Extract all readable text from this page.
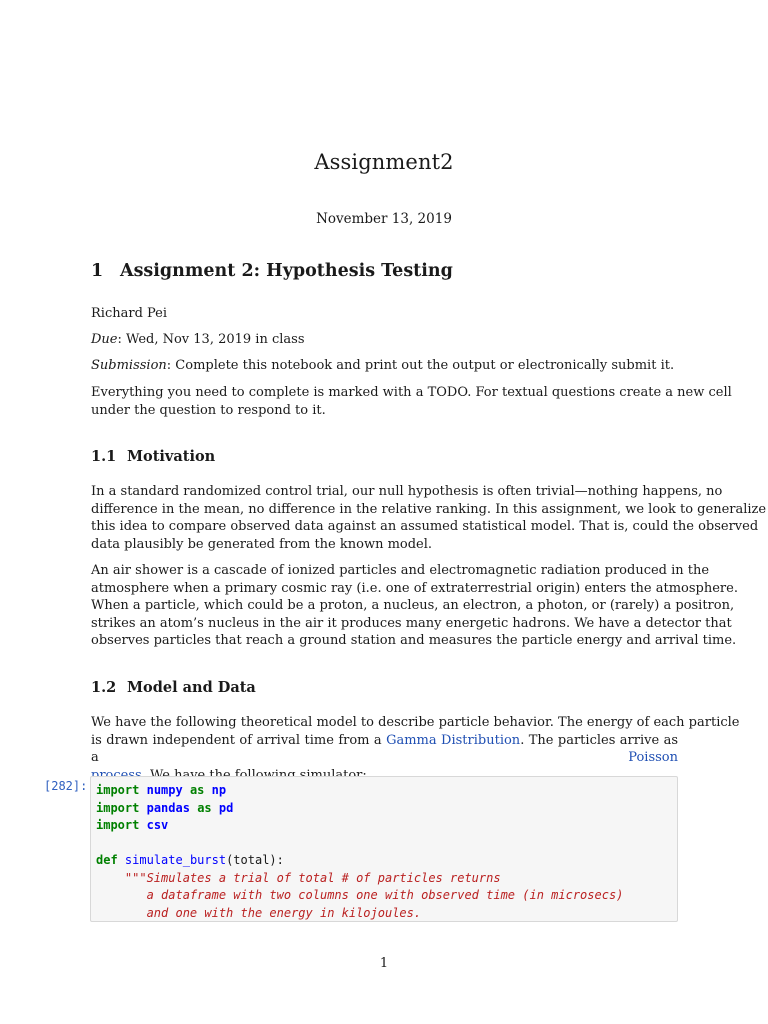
Assignment2
November 13, 2019
1 Assignment 2: Hypothesis Testing
Richard Pei
Due: Wed, Nov 13, 2019 in class
Submission: Complete this notebook and print out the output or electronically submit it.
Everything you need to complete is marked with a TODO. For textual questions create a new cell
under the question to respond to it.
1.1 Motivation
In a standard randomized control trial, our null hypothesis is often trivial—nothing happens, no
difference in the mean, no difference in the relative ranking. In this assignment, we look to generalize
this idea to compare observed data against an assumed statistical model. That is, could the observed
data plausibly be generated from the known model.
An air shower is a cascade of ionized particles and electromagnetic radiation produced in the
atmosphere when a primary cosmic ray (i.e. one of extraterrestrial origin) enters the atmosphere.
When a particle, which could be a proton, a nucleus, an electron, a photon, or (rarely) a positron,
strikes an atom’s nucleus in the air it produces many energetic hadrons. We have a detector that
observes particles that reach a ground station and measures the particle energy and arrival time.
1.2 Model and Data
We have the following theoretical model to describe particle behavior. The energy of each particle
is drawn independent of arrival time from a Gamma Distribution. The particles arrive as a Poisson
[282]: import numpy as np
import pandas as pd
import csv

def simulate_burst(total):
"""Simulates a trial of total # of particles returns
a dataframe with two columns one with observed time (in microsecs)
and one with the energy in kilojoules.
1
